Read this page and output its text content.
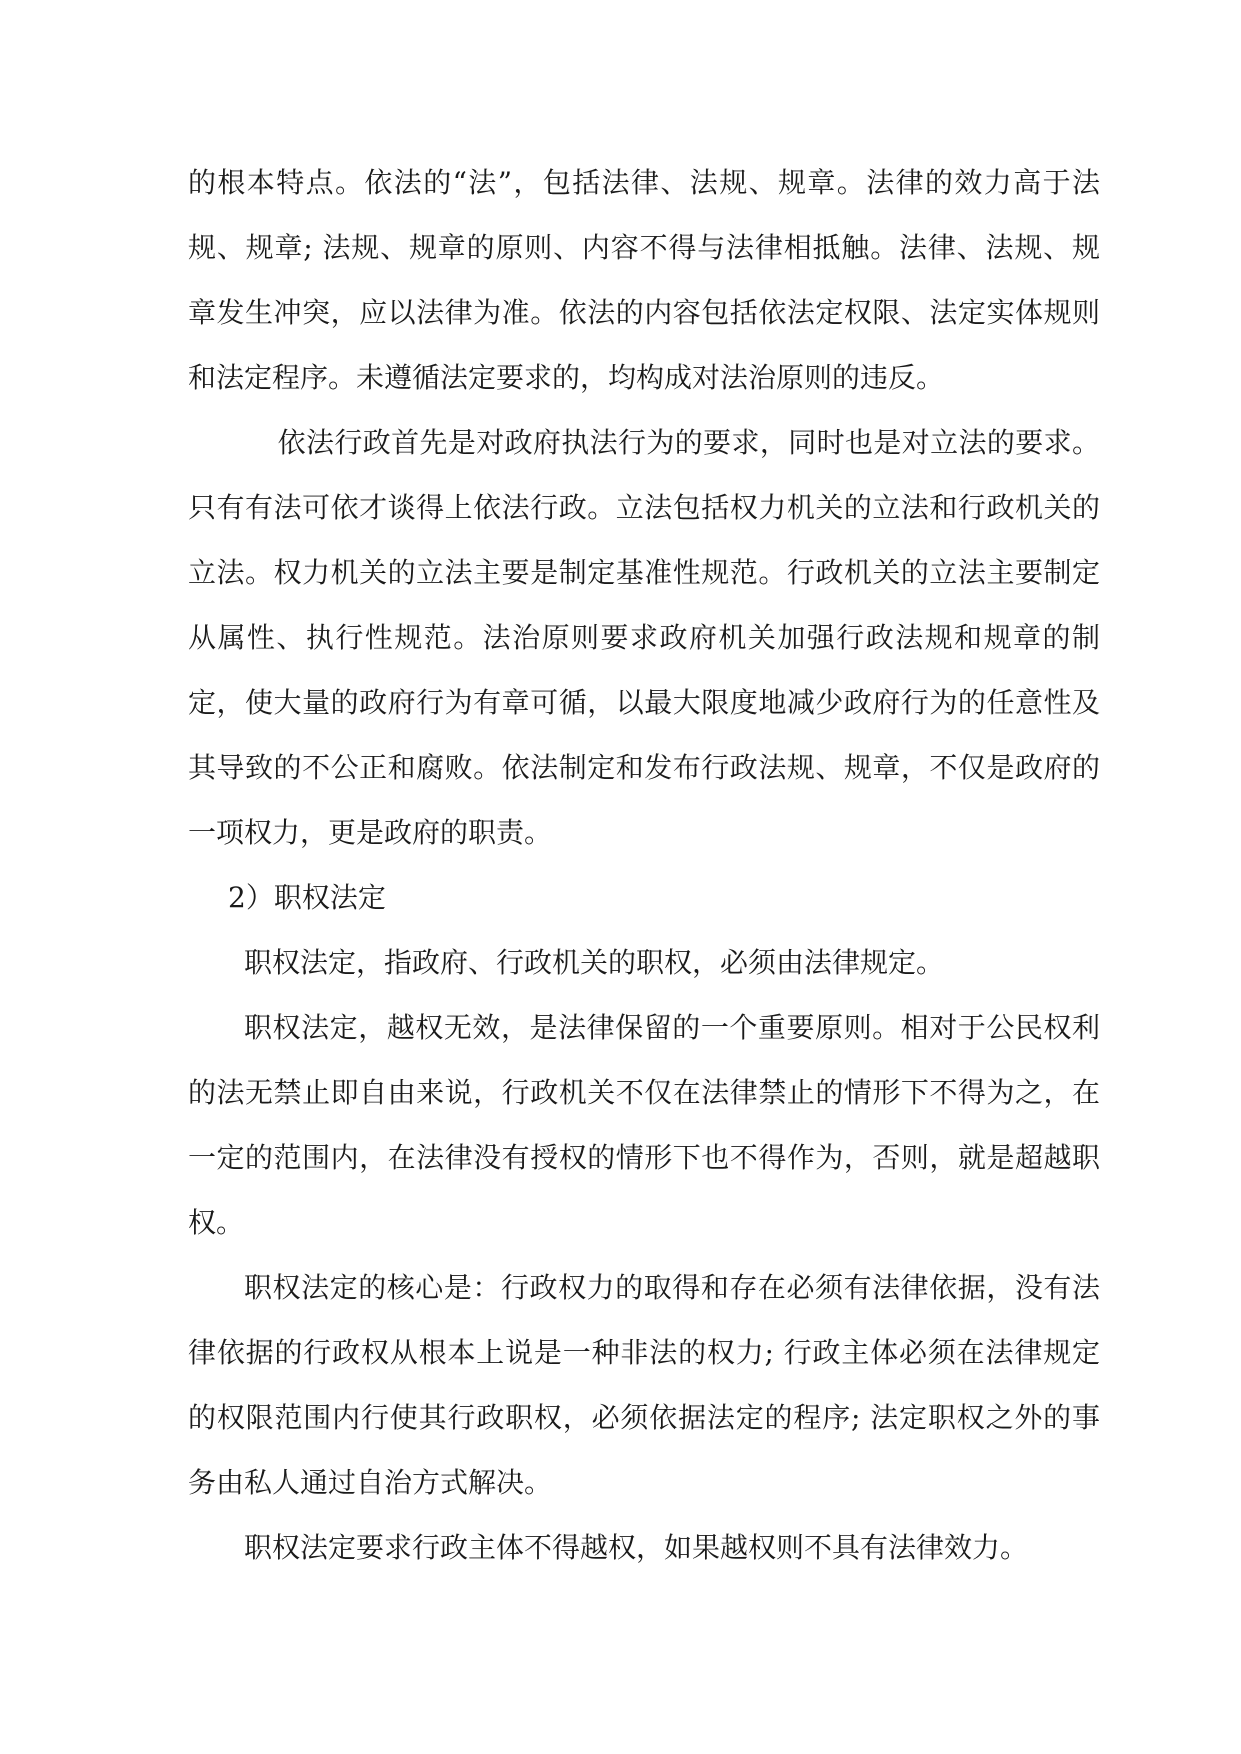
的根本特点。依法的“法”，包括法律、法规、规章。法律的效力高于法规、规章; 法规、规章的原则、内容不得与法律相抵触。法律、法规、规章发生冲突，应以法律为准。依法的内容包括依法定权限、法定实体规则和法定程序。未遵循法定要求的，均构成对法治原则的违反。

依法行政首先是对政府执法行为的要求，同时也是对立法的要求。只有有法可依才谈得上依法行政。立法包括权力机关的立法和行政机关的立法。权力机关的立法主要是制定基准性规范。行政机关的立法主要制定从属性、执行性规范。法治原则要求政府机关加强行政法规和规章的制定，使大量的政府行为有章可循，以最大限度地减少政府行为的任意性及其导致的不公正和腐败。依法制定和发布行政法规、规章，不仅是政府的一项权力，更是政府的职责。

2）职权法定

职权法定，指政府、行政机关的职权，必须由法律规定。

职权法定，越权无效，是法律保留的一个重要原则。相对于公民权利的法无禁止即自由来说，行政机关不仅在法律禁止的情形下不得为之，在一定的范围内，在法律没有授权的情形下也不得作为，否则，就是超越职权。

职权法定的核心是：行政权力的取得和存在必须有法律依据，没有法律依据的行政权从根本上说是一种非法的权力; 行政主体必须在法律规定的权限范围内行使其行政职权，必须依据法定的程序; 法定职权之外的事务由私人通过自治方式解决。

职权法定要求行政主体不得越权，如果越权则不具有法律效力。
